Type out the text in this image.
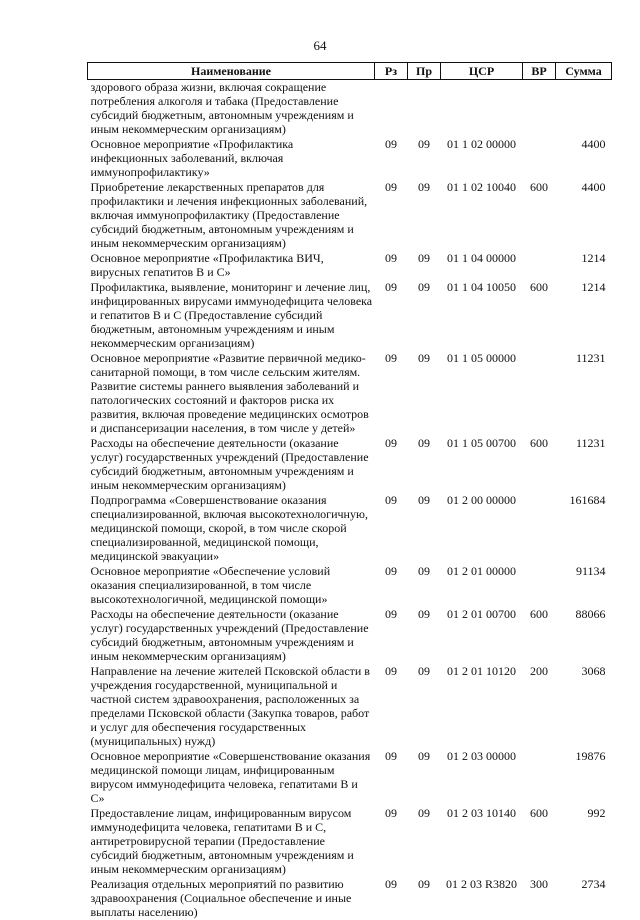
64
Наименование	Рз	Пр	ЦСР	ВР	Сумма
здорового образа жизни, включая сокращение потребления алкоголя и табака (Предоставление субсидий бюджетным, автономным учреждениям и иным некоммерческим организациям)					
Основное мероприятие «Профилактика инфекционных заболеваний, включая иммунопрофилактику»	09	09	01 1 02 00000		4400
Приобретение лекарственных препаратов для профилактики и лечения инфекционных заболеваний, включая иммунопрофилактику (Предоставление субсидий бюджетным, автономным учреждениям и иным некоммерческим организациям)	09	09	01 1 02 10040	600	4400
Основное мероприятие «Профилактика ВИЧ, вирусных гепатитов В и С»	09	09	01 1 04 00000		1214
Профилактика, выявление, мониторинг и лечение лиц, инфицированных вирусами иммунодефицита человека и гепатитов В и С (Предоставление субсидий бюджетным, автономным учреждениям и иным некоммерческим организациям)	09	09	01 1 04 10050	600	1214
Основное мероприятие «Развитие первичной медико-санитарной помощи, в том числе сельским жителям. Развитие системы раннего выявления заболеваний и патологических состояний и факторов риска их развития, включая проведение медицинских осмотров и диспансеризации населения, в том числе у детей»	09	09	01 1 05 00000		11231
Расходы на обеспечение деятельности (оказание услуг) государственных учреждений (Предоставление субсидий бюджетным, автономным учреждениям и иным некоммерческим организациям)	09	09	01 1 05 00700	600	11231
Подпрограмма «Совершенствование оказания специализированной, включая высокотехнологичную, медицинской помощи, скорой, в том числе скорой специализированной, медицинской помощи, медицинской эвакуации»	09	09	01 2 00 00000		161684
Основное мероприятие «Обеспечение условий оказания специализированной, в том числе высокотехнологичной, медицинской помощи»	09	09	01 2 01 00000		91134
Расходы на обеспечение деятельности (оказание услуг) государственных учреждений (Предоставление субсидий бюджетным, автономным учреждениям и иным некоммерческим организациям)	09	09	01 2 01 00700	600	88066
Направление на лечение жителей Псковской области в учреждения государственной, муниципальной и частной систем здравоохранения, расположенных за пределами Псковской области (Закупка товаров, работ и услуг для обеспечения государственных (муниципальных) нужд)	09	09	01 2 01 10120	200	3068
Основное мероприятие «Совершенствование оказания медицинской помощи лицам, инфицированным вирусом иммунодефицита человека, гепатитами В и С»	09	09	01 2 03 00000		19876
Предоставление лицам, инфицированным вирусом иммунодефицита человека, гепатитами В и С, антиретровирусной терапии (Предоставление субсидий бюджетным, автономным учреждениям и иным некоммерческим организациям)	09	09	01 2 03 10140	600	992
Реализация отдельных мероприятий по развитию здравоохранения (Социальное обеспечение и иные выплаты населению)	09	09	01 2 03 R3820	300	2734
